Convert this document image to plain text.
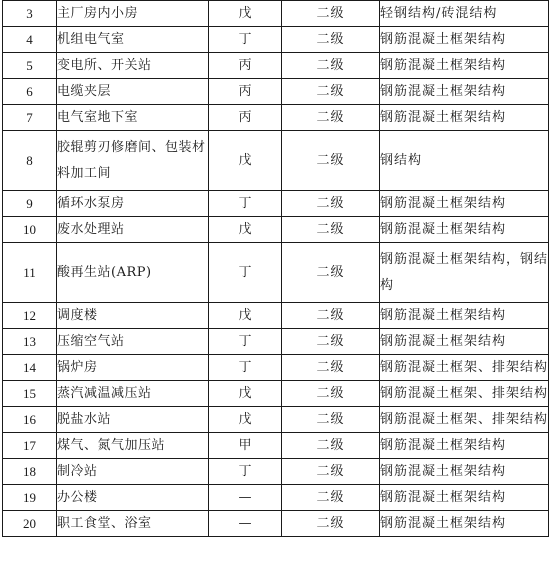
3	主厂房内小房	戊	二级	轻钢结构/砖混结构
4	机组电气室	丁	二级	钢筋混凝土框架结构
5	变电所、开关站	丙	二级	钢筋混凝土框架结构
6	电缆夹层	丙	二级	钢筋混凝土框架结构
7	电气室地下室	丙	二级	钢筋混凝土框架结构
8	胶辊剪刃修磨间、包装材料加工间	戊	二级	钢结构
9	循环水泵房	丁	二级	钢筋混凝土框架结构
10	废水处理站	戊	二级	钢筋混凝土框架结构
11	酸再生站(ARP)	丁	二级	钢筋混凝土框架结构，钢结构
12	调度楼	戊	二级	钢筋混凝土框架结构
13	压缩空气站	丁	二级	钢筋混凝土框架结构
14	锅炉房	丁	二级	钢筋混凝土框架、排架结构
15	蒸汽减温减压站	戊	二级	钢筋混凝土框架、排架结构
16	脱盐水站	戊	二级	钢筋混凝土框架、排架结构
17	煤气、氮气加压站	甲	二级	钢筋混凝土框架结构
18	制冷站	丁	二级	钢筋混凝土框架结构
19	办公楼	—	二级	钢筋混凝土框架结构
20	职工食堂、浴室	—	二级	钢筋混凝土框架结构
